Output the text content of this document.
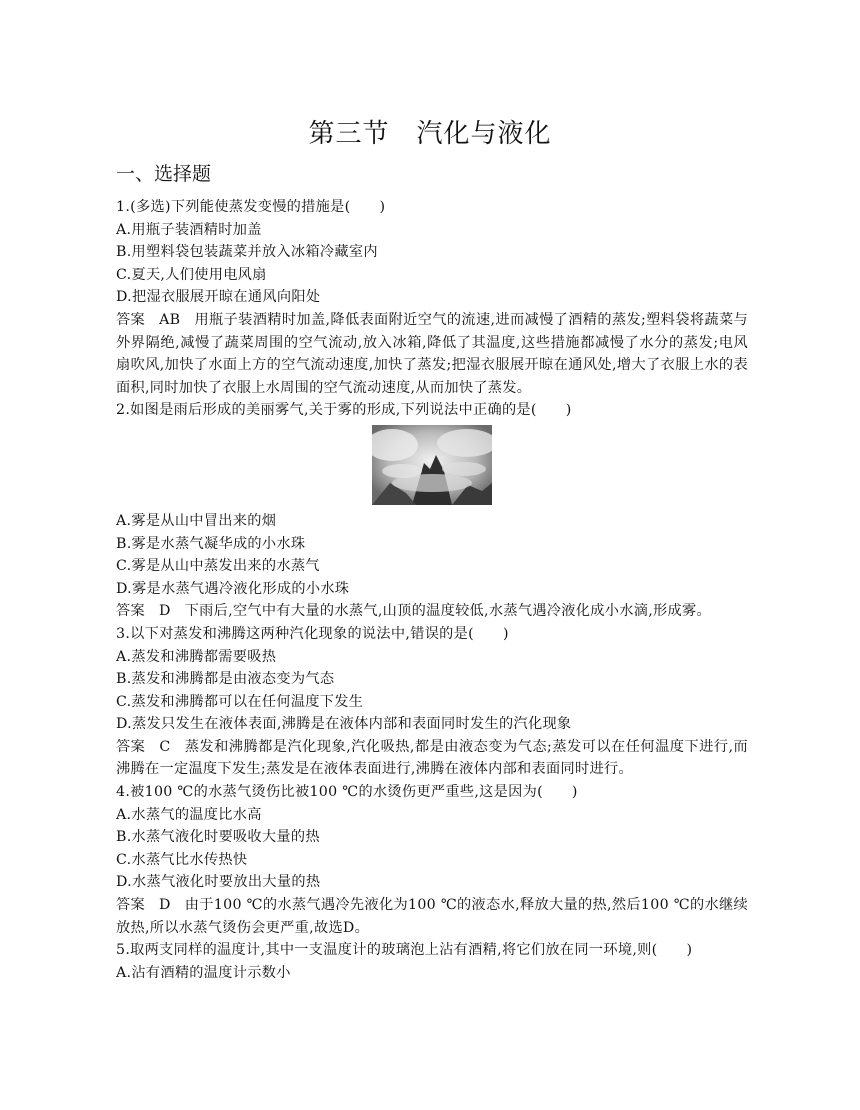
第三节　汽化与液化
一、选择题
1.(多选)下列能使蒸发变慢的措施是(　　)
A.用瓶子装酒精时加盖
B.用塑料袋包装蔬菜并放入冰箱冷藏室内
C.夏天,人们使用电风扇
D.把湿衣服展开晾在通风向阳处
答案 AB 用瓶子装酒精时加盖,降低表面附近空气的流速,进而减慢了酒精的蒸发;塑料袋将蔬菜与外界隔绝,减慢了蔬菜周围的空气流动,放入冰箱,降低了其温度,这些措施都减慢了水分的蒸发;电风扇吹风,加快了水面上方的空气流动速度,加快了蒸发;把湿衣服展开晾在通风处,增大了衣服上水的表面积,同时加快了衣服上水周围的空气流动速度,从而加快了蒸发。
2.如图是雨后形成的美丽雾气,关于雾的形成,下列说法中正确的是(　　)
A.雾是从山中冒出来的烟
B.雾是水蒸气凝华成的小水珠
C.雾是从山中蒸发出来的水蒸气
D.雾是水蒸气遇冷液化形成的小水珠
答案 D 下雨后,空气中有大量的水蒸气,山顶的温度较低,水蒸气遇冷液化成小水滴,形成雾。
3.以下对蒸发和沸腾这两种汽化现象的说法中,错误的是(　　)
A.蒸发和沸腾都需要吸热
B.蒸发和沸腾都是由液态变为气态
C.蒸发和沸腾都可以在任何温度下发生
D.蒸发只发生在液体表面,沸腾是在液体内部和表面同时发生的汽化现象
答案 C 蒸发和沸腾都是汽化现象,汽化吸热,都是由液态变为气态;蒸发可以在任何温度下进行,而沸腾在一定温度下发生;蒸发是在液体表面进行,沸腾在液体内部和表面同时进行。
4.被100 ℃的水蒸气烫伤比被100 ℃的水烫伤更严重些,这是因为(　　)
A.水蒸气的温度比水高
B.水蒸气液化时要吸收大量的热
C.水蒸气比水传热快
D.水蒸气液化时要放出大量的热
答案 D 由于100 ℃的水蒸气遇冷先液化为100 ℃的液态水,释放大量的热,然后100 ℃的水继续放热,所以水蒸气烫伤会更严重,故选D。
5.取两支同样的温度计,其中一支温度计的玻璃泡上沾有酒精,将它们放在同一环境,则(　　)
A.沾有酒精的温度计示数小
